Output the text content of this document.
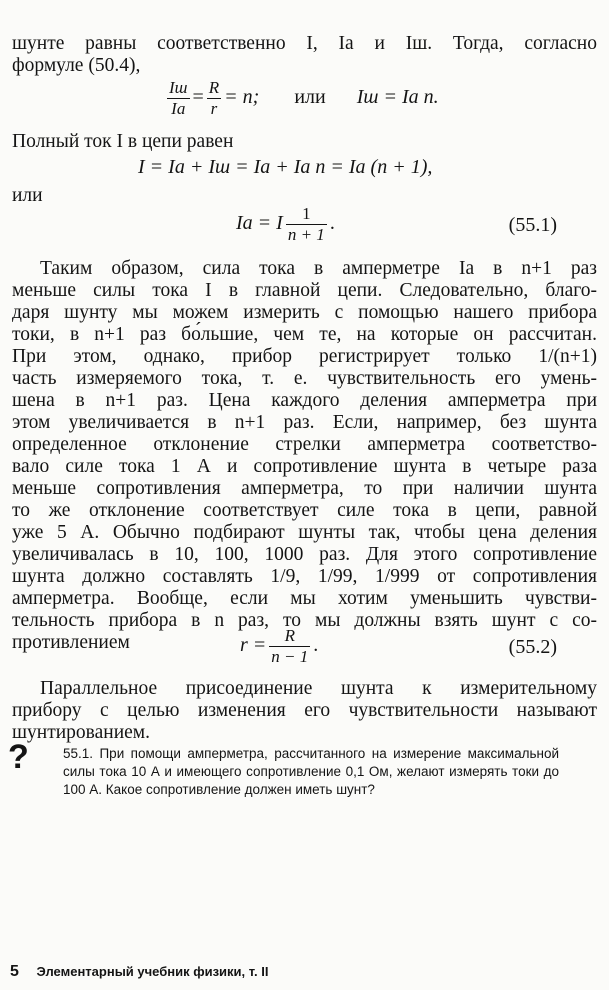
шунте равны соответственно I, Iа и Iш. Тогда, согласно
формуле (50.4),
$\frac{Iш}{Iа} = \frac{R}{r} = n$; или Iш = Iа n.
Полный ток I в цепи равен
I = Iа + Iш = Iа + Iа n = Iа (n + 1),
или
Iа = I $\frac{1}{n + 1}$ .	(55.1)
Таким образом, сила тока в амперметре Iа в n+1 раз
меньше силы тока I в главной цепи. Следовательно, благо-
даря шунту мы можем измерить с помощью нашего прибора
токи, в n+1 раз бо́льшие, чем те, на которые он рассчитан.
При этом, однако, прибор регистрирует только 1/(n+1)
часть измеряемого тока, т. е. чувствительность его умень-
шена в n+1 раз. Цена каждого деления амперметра при
этом увеличивается в n+1 раз. Если, например, без шунта
определенное отклонение стрелки амперметра соответство-
вало силе тока 1 А и сопротивление шунта в четыре раза
меньше сопротивления амперметра, то при наличии шунта
то же отклонение соответствует силе тока в цепи, равной
уже 5 А. Обычно подбирают шунты так, чтобы цена деления
увеличивалась в 10, 100, 1000 раз. Для этого сопротивление
шунта должно составлять 1/9, 1/99, 1/999 от сопротивления
амперметра. Вообще, если мы хотим уменьшить чувстви-
тельность прибора в n раз, то мы должны взять шунт с со-
противлением	$r = \frac{R}{n - 1}$ .	(55.2)
Параллельное присоединение шунта к измерительному
прибору с целью изменения его чувствительности называют
шунтированием.
?	55.1. При помощи амперметра, рассчитанного на измерение максимальной силы тока 10 А и имеющего сопротивление 0,1 Ом, желают измерять токи до 100 А. Какое сопротивление должен иметь шунт?
5 Элементарный учебник физики, т. II
